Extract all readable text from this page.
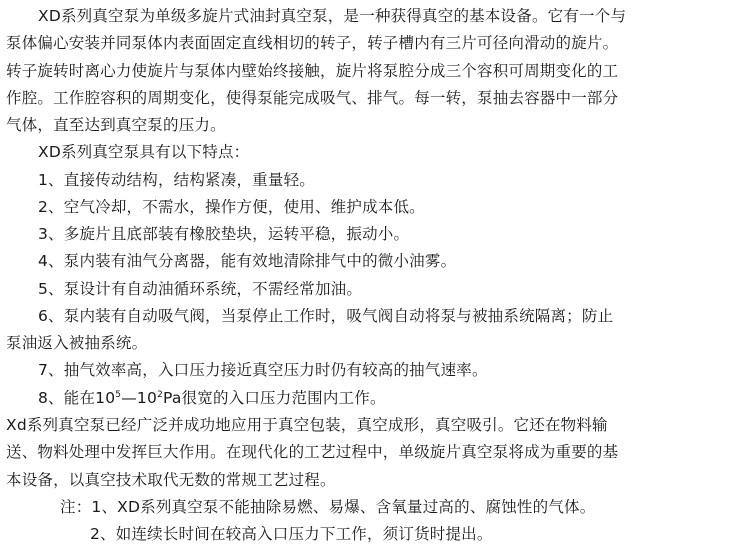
XD系列真空泵为单级多旋片式油封真空泵，是一种获得真空的基本设备。它有一个与
泵体偏心安装并同泵体内表面固定直线相切的转子，转子槽内有三片可径向滑动的旋片。
转子旋转时离心力使旋片与泵体内壁始终接触，旋片将泵腔分成三个容积可周期变化的工
作腔。工作腔容积的周期变化，使得泵能完成吸气、排气。每一转，泵抽去容器中一部分
气体，直至达到真空泵的压力。
XD系列真空泵具有以下特点：
1、直接传动结构，结构紧凑，重量轻。
2、空气冷却，不需水，操作方便，使用、维护成本低。
3、多旋片且底部装有橡胶垫块，运转平稳，振动小。
4、泵内装有油气分离器，能有效地清除排气中的微小油雾。
5、泵设计有自动油循环系统，不需经常加油。
6、泵内装有自动吸气阀，当泵停止工作时，吸气阀自动将泵与被抽系统隔离；防止
泵油返入被抽系统。
7、抽气效率高，入口压力接近真空压力时仍有较高的抽气速率。
8、能在$10^5—10^2Pa$很宽的入口压力范围内工作。
Xd系列真空泵已经广泛并成功地应用于真空包装，真空成形，真空吸引。它还在物料输
送、物料处理中发挥巨大作用。在现代化的工艺过程中，单级旋片真空泵将成为重要的基
本设备，以真空技术取代无数的常规工艺过程。
注：1、XD系列真空泵不能抽除易燃、易爆、含氧量过高的、腐蚀性的气体。
2、如连续长时间在较高入口压力下工作，须订货时提出。
